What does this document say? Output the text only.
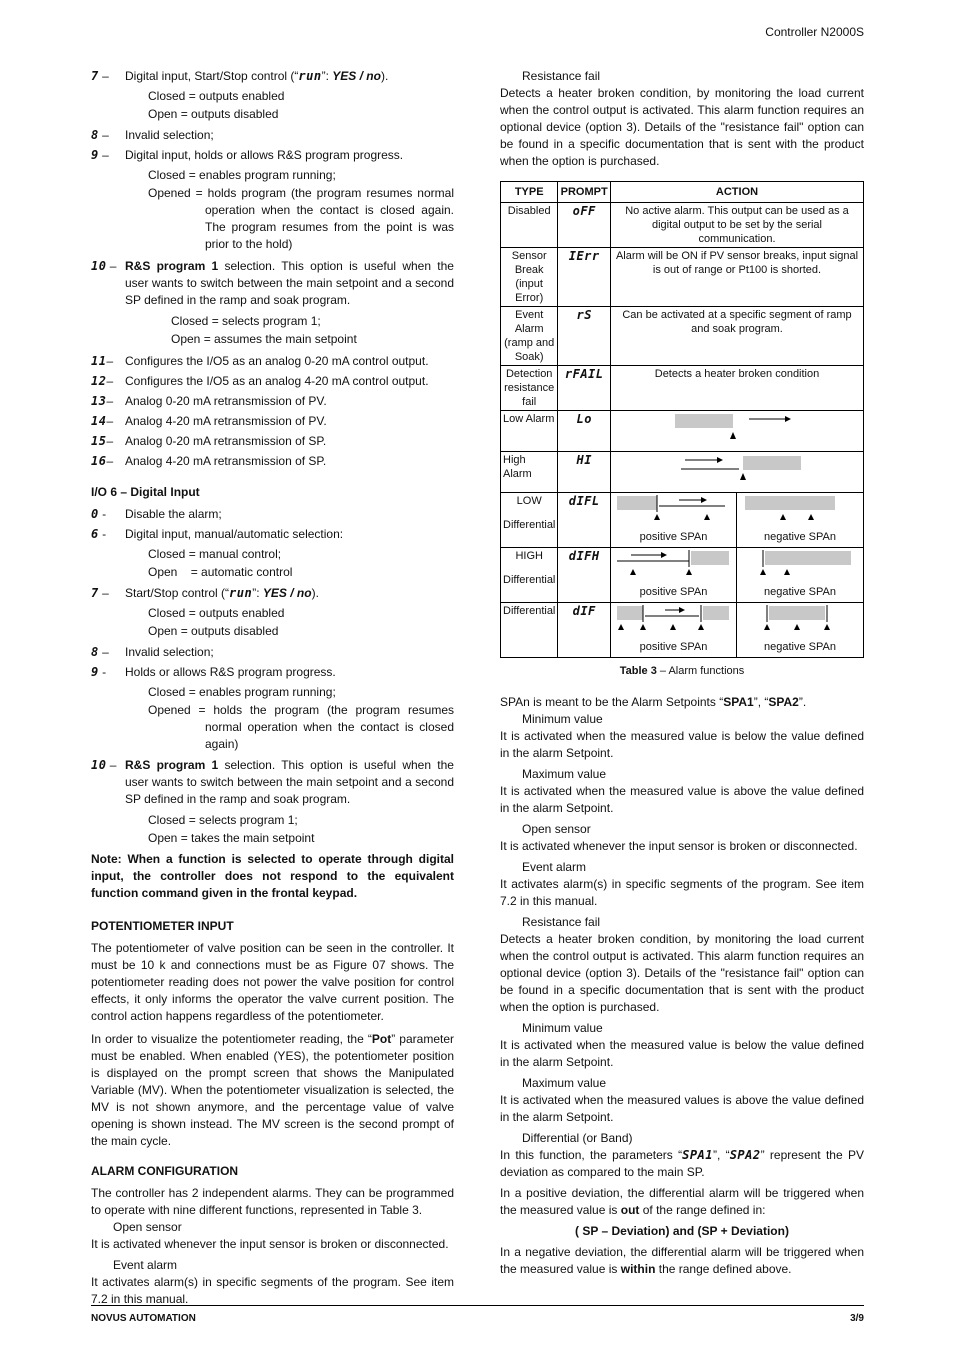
Controller N2000S
7 –	Digital input, Start/Stop control (“run”: YES / no).
Closed = outputs enabled
Open = outputs disabled
8 –	Invalid selection;
9 –	Digital input, holds or allows R&S program progress.
Closed = enables program running;
Opened = holds program (the program resumes normal operation when the contact is closed again. The program resumes from the point is was prior to the hold)
10 – R&S program 1 selection. This option is useful when the user wants to switch between the main setpoint and a second SP defined in the ramp and soak program.
Closed = selects program 1;
Open = assumes the main setpoint
11– Configures the I/O5 as an analog 0-20 mA control output.
12– Configures the I/O5 as an analog 4-20 mA control output.
13– Analog 0-20 mA retransmission of PV.
14– Analog 4-20 mA retransmission of PV.
15– Analog 0-20 mA retransmission of SP.
16– Analog 4-20 mA retransmission of SP.
I/O 6 – Digital Input
0 -	Disable the alarm;
6 -	Digital input, manual/automatic selection:
Closed = manual control;
Open    = automatic control
7 –	Start/Stop control (“run”: YES / no).
Closed = outputs enabled
Open = outputs disabled
8 –	Invalid selection;
9 -	Holds or allows R&S program progress.
Closed = enables program running;
Opened = holds the program (the program resumes normal operation when the contact is closed again)
10 – R&S program 1 selection. This option is useful when the user wants to switch between the main setpoint and a second SP defined in the ramp and soak program.
Closed = selects program 1;
Open = takes the main setpoint
Note: When a function is selected to operate through digital input, the controller does not respond to the equivalent function command given in the frontal keypad.
POTENTIOMETER INPUT

The potentiometer of valve position can be seen in the controller. It must be 10 k and connections must be as Figure 07 shows. The potentiometer reading does not power the valve position for control effects, it only informs the operator the valve current position. The control action happens regardless of the potentiometer.

In order to visualize the potentiometer reading, the “Pot” parameter must be enabled. When enabled (YES), the potentiometer position is displayed on the prompt screen that shows the Manipulated Variable (MV). When the potentiometer visualization is selected, the MV is not shown anymore, and the percentage value of valve opening is shown instead. The MV screen is the second prompt of the main cycle.

ALARM CONFIGURATION

The controller has 2 independent alarms. They can be programmed to operate with nine different functions, represented in Table 3.

Open sensor
It is activated whenever the input sensor is broken or disconnected.
Event alarm
It activates alarm(s) in specific segments of the program. See item 7.2 in this manual.
Resistance fail
Detects a heater broken condition, by monitoring the load current when the control output is activated. This alarm function requires an optional device (option 3). Details of the "resistance fail" option can be found in a specific documentation that is sent with the product when the option is purchased.
TYPE	PROMPT	ACTION	
Disabled	oFF	No active alarm. This output can be used as a digital output to be set by the serial communication.	
Sensor Break (input Error)	IErr	Alarm will be ON if PV sensor breaks, input signal is out of range or Pt100 is shorted.	
Event Alarm (ramp and Soak)	rS	Can be activated at a specific segment of ramp and soak program.	
Detection resistance fail	rFAIL	Detects a heater broken condition	
Low Alarm	Lo	
High Alarm	HI	

LOW
Differential	dIFL	positive SPAn	negative SPAn

HIGH
Differential	dIFH	positive SPAn	negative SPAn

Differential	dIF	positive SPAn	negative SPAn
Table 3 – Alarm functions
SPAn is meant to be the Alarm Setpoints “SPA1”, “SPA2”.
Minimum value
It is activated when the measured value is below the value defined in the alarm Setpoint.
Maximum value
It is activated when the measured value is above the value defined in the alarm Setpoint.
Open sensor
It is activated whenever the input sensor is broken or disconnected.
Event alarm
It activates alarm(s) in specific segments of the program. See item 7.2 in this manual.
Resistance fail
Detects a heater broken condition, by monitoring the load current when the control output is activated. This alarm function requires an optional device (option 3). Details of the "resistance fail" option can be found in a specific documentation that is sent with the product when the option is purchased.
Minimum value
It is activated when the measured value is below the value defined in the alarm Setpoint.
Maximum value
It is activated when the measured values is above the value defined in the alarm Setpoint.
Differential (or Band)
In this function, the parameters “SPA1”, “SPA2” represent the PV deviation as compared to the main SP.
In a positive deviation, the differential alarm will be triggered when the measured value is out of the range defined in:
( SP – Deviation) and (SP + Deviation)
In a negative deviation, the differential alarm will be triggered when the measured value is within the range defined above.
NOVUS AUTOMATION	3/9
